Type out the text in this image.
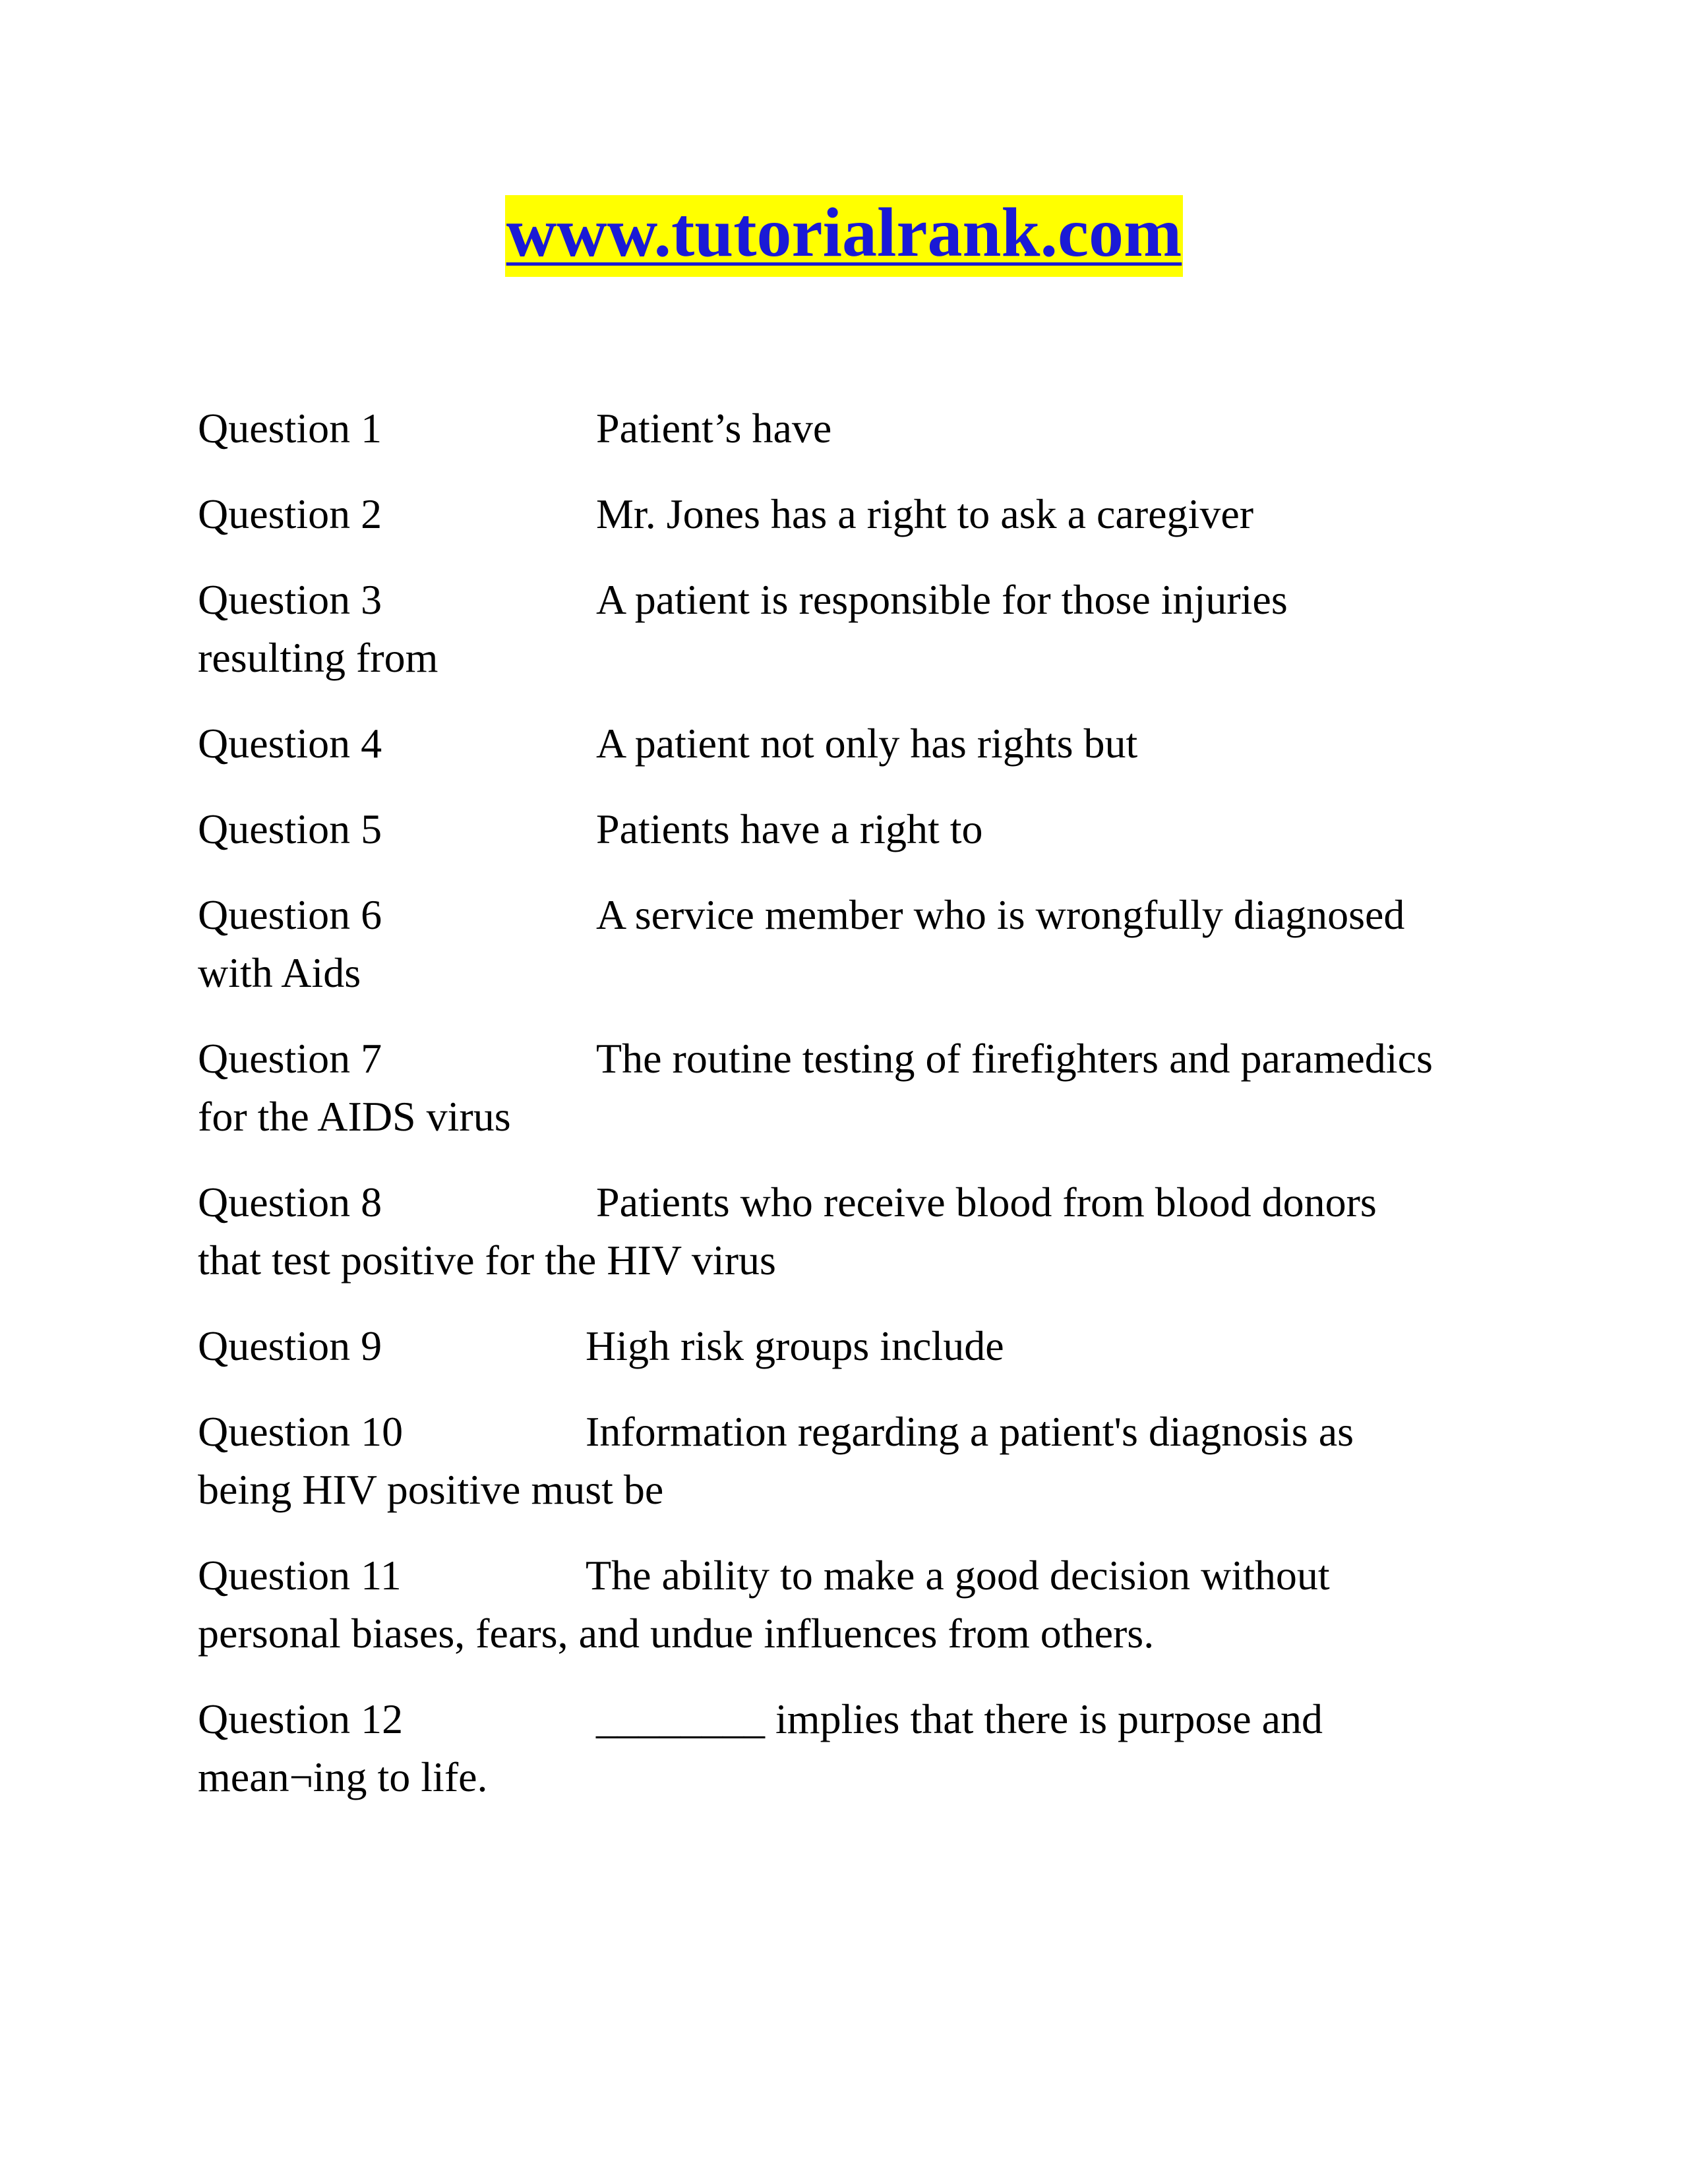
www.tutorialrank.com
Question 1	Patient’s have
Question 2	Mr. Jones has a right to ask a caregiver
Question 3	A patient is responsible for those injuries
resulting from
Question 4	A patient not only has rights but
Question 5	Patients have a right to
Question 6	A service member who is wrongfully diagnosed
with Aids
Question 7	The routine testing of firefighters and paramedics
for the AIDS virus
Question 8	Patients who receive blood from blood donors
that test positive for the HIV virus
Question 9	High risk groups include
Question 10	Information regarding a patient's diagnosis as
being HIV positive must be
Question 11	The ability to make a good decision without
personal biases, fears, and undue influences from others.
Question 12	________ implies that there is purpose and
mean¬ing to life.
